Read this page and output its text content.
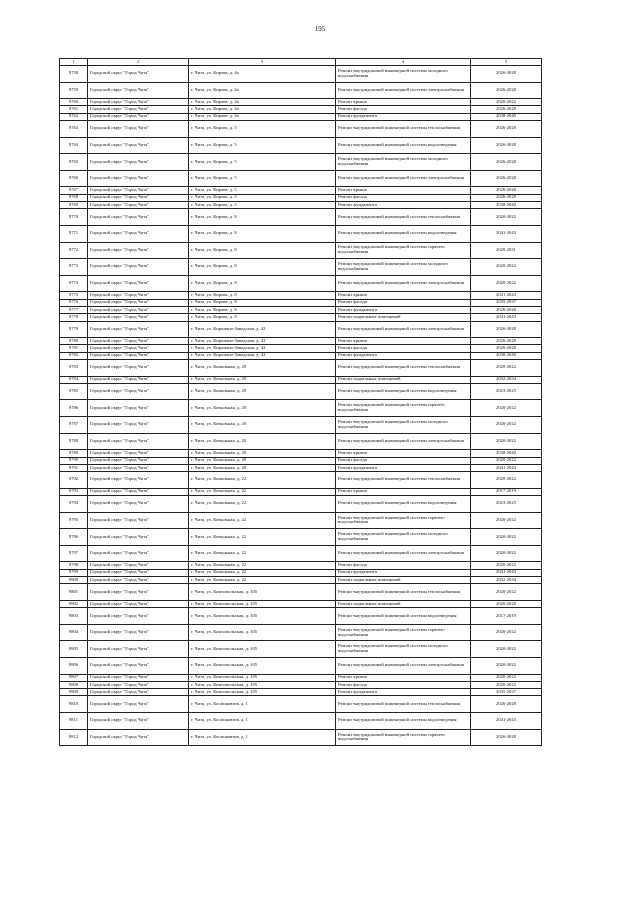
195
1	2	3	4	5
9758	Городской округ "Город Чита"	г. Чита, ул. Кирова, д. 4а	Ремонт внутридомовой инженерной системы холодного водоснабжения	2026-2028
9759	Городской округ "Город Чита"	г. Чита, ул. Кирова, д. 4а	Ремонт внутридомовой инженерной системы электроснабжения	2026-2028
9760	Городской округ "Город Чита"	г. Чита, ул. Кирова, д. 4а	Ремонт крыши	2020-2022
9761	Городской округ "Город Чита"	г. Чита, ул. Кирова, д. 4а	Ремонт фасада	2026-2028
9762	Городской округ "Город Чита"	г. Чита, ул. Кирова, д. 4а	Ремонт фундамента	2038-2040
9763	Городской округ "Город Чита"	г. Чита, ул. Кирова, д. 5	Ремонт внутридомовой инженерной системы теплоснабжения	2026-2028
9764	Городской округ "Город Чита"	г. Чита, ул. Кирова, д. 5	Ремонт внутридомовой инженерной системы водоотведения	2026-2028
9765	Городской округ "Город Чита"	г. Чита, ул. Кирова, д. 5	Ремонт внутридомовой инженерной системы холодного водоснабжения	2026-2028
9766	Городской округ "Город Чита"	г. Чита, ул. Кирова, д. 5	Ремонт внутридомовой инженерной системы электроснабжения	2026-2028
9767	Городской округ "Город Чита"	г. Чита, ул. Кирова, д. 5	Ремонт крыши	2026-2028
9768	Городской округ "Город Чита"	г. Чита, ул. Кирова, д. 5	Ремонт фасада	2026-2028
9769	Городской округ "Город Чита"	г. Чита, ул. Кирова, д. 5	Ремонт фундамента	2038-2040
9770	Городской округ "Город Чита"	г. Чита, ул. Кирова, д. 8	Ремонт внутридомовой инженерной системы теплоснабжения	2020-2022
9771	Городской округ "Город Чита"	г. Чита, ул. Кирова, д. 8	Ремонт внутридомовой инженерной системы водоотведения	2041-2043
9772	Городской округ "Город Чита"	г. Чита, ул. Кирова, д. 8	Ремонт внутридомовой инженерной системы горячего водоснабжения	2029-2031
9773	Городской округ "Город Чита"	г. Чита, ул. Кирова, д. 8	Ремонт внутридомовой инженерной системы холодного водоснабжения	2020-2022
9774	Городской округ "Город Чита"	г. Чита, ул. Кирова, д. 8	Ремонт внутридомовой инженерной системы электроснабжения	2020-2022
9775	Городской округ "Город Чита"	г. Чита, ул. Кирова, д. 8	Ремонт крыши	2041-2043
9776	Городской округ "Город Чита"	г. Чита, ул. Кирова, д. 8	Ремонт фасада	2035-2037
9777	Городской округ "Город Чита"	г. Чита, ул. Кирова, д. 8	Ремонт фундамента	2026-2028
9778	Городской округ "Город Чита"	г. Чита, ул. Кирова, д. 8	Ремонт подвальных помещений	2041-2043
9779	Городской округ "Город Чита"	г. Чита, ул. Кирпично-Заводская, д. 42	Ремонт внутридомовой инженерной системы электроснабжения	2026-2028
9780	Городской округ "Город Чита"	г. Чита, ул. Кирпично-Заводская, д. 42	Ремонт крыши	2026-2028
9781	Городской округ "Город Чита"	г. Чита, ул. Кирпично-Заводская, д. 42	Ремонт фасада	2026-2028
9782	Городской округ "Город Чита"	г. Чита, ул. Кирпично-Заводская, д. 42	Ремонт фундамента	2038-2040
9783	Городской округ "Город Чита"	г. Чита, ул. Ковыльная, д. 20	Ремонт внутридомовой инженерной системы теплоснабжения	2020-2022
9784	Городской округ "Город Чита"	г. Чита, ул. Ковыльная, д. 20	Ремонт подвальных помещений	2032-2034
9785	Городской округ "Город Чита"	г. Чита, ул. Ковыльная, д. 20	Ремонт внутридомовой инженерной системы водоотведения	2023-2025
9786	Городской округ "Город Чита"	г. Чита, ул. Ковыльная, д. 20	Ремонт внутридомовой инженерной системы горячего водоснабжения	2020-2022
9787	Городской округ "Город Чита"	г. Чита, ул. Ковыльная, д. 20	Ремонт внутридомовой инженерной системы холодного водоснабжения	2020-2022
9788	Городской округ "Город Чита"	г. Чита, ул. Ковыльная, д. 20	Ремонт внутридомовой инженерной системы электроснабжения	2020-2022
9789	Городской округ "Город Чита"	г. Чита, ул. Ковыльная, д. 20	Ремонт крыши	2038-2040
9790	Городской округ "Город Чита"	г. Чита, ул. Ковыльная, д. 20	Ремонт фасада	2020-2022
9791	Городской округ "Город Чита"	г. Чита, ул. Ковыльная, д. 20	Ремонт фундамента	2041-2043
9792	Городской округ "Город Чита"	г. Чита, ул. Ковыльная, д. 22	Ремонт внутридомовой инженерной системы теплоснабжения	2020-2022
9793	Городской округ "Город Чита"	г. Чита, ул. Ковыльная, д. 22	Ремонт крыши	2017-2019
9794	Городской округ "Город Чита"	г. Чита, ул. Ковыльная, д. 22	Ремонт внутридомовой инженерной системы водоотведения	2023-2025
9795	Городской округ "Город Чита"	г. Чита, ул. Ковыльная, д. 22	Ремонт внутридомовой инженерной системы горячего водоснабжения	2020-2022
9796	Городской округ "Город Чита"	г. Чита, ул. Ковыльная, д. 22	Ремонт внутридомовой инженерной системы холодного водоснабжения	2020-2022
9797	Городской округ "Город Чита"	г. Чита, ул. Ковыльная, д. 22	Ремонт внутридомовой инженерной системы электроснабжения	2020-2022
9798	Городской округ "Город Чита"	г. Чита, ул. Ковыльная, д. 22	Ремонт фасада	2020-2022
9799	Городской округ "Город Чита"	г. Чита, ул. Ковыльная, д. 22	Ремонт фундамента	2041-2043
9800	Городской округ "Город Чита"	г. Чита, ул. Ковыльная, д. 22	Ремонт подвальных помещений	2032-2034
9801	Городской округ "Город Чита"	г. Чита, ул. Комсомольская, д. 105	Ремонт внутридомовой инженерной системы теплоснабжения	2020-2022
9802	Городской округ "Город Чита"	г. Чита, ул. Комсомольская, д. 105	Ремонт подвальных помещений	2026-2028
9803	Городской округ "Город Чита"	г. Чита, ул. Комсомольская, д. 105	Ремонт внутридомовой инженерной системы водоотведения	2017-2019
9804	Городской округ "Город Чита"	г. Чита, ул. Комсомольская, д. 105	Ремонт внутридомовой инженерной системы горячего водоснабжения	2020-2022
9805	Городской округ "Город Чита"	г. Чита, ул. Комсомольская, д. 105	Ремонт внутридомовой инженерной системы холодного водоснабжения	2020-2022
9806	Городской округ "Город Чита"	г. Чита, ул. Комсомольская, д. 105	Ремонт внутридомовой инженерной системы электроснабжения	2020-2022
9807	Городской округ "Город Чита"	г. Чита, ул. Комсомольская, д. 105	Ремонт крыши	2020-2022
9808	Городской округ "Город Чита"	г. Чита, ул. Комсомольская, д. 105	Ремонт фасада	2020-2022
9809	Городской округ "Город Чита"	г. Чита, ул. Комсомольская, д. 105	Ремонт фундамента	2035-2037
9810	Городской округ "Город Чита"	г. Чита, ул. Космонавтов, д. 1	Ремонт внутридомовой инженерной системы теплоснабжения	2026-2028
9811	Городской округ "Город Чита"	г. Чита, ул. Космонавтов, д. 1	Ремонт внутридомовой инженерной системы водоотведения	2041-2043
9812	Городской округ "Город Чита"	г. Чита, ул. Космонавтов, д. 1	Ремонт внутридомовой инженерной системы горячего водоснабжения	2026-2028
